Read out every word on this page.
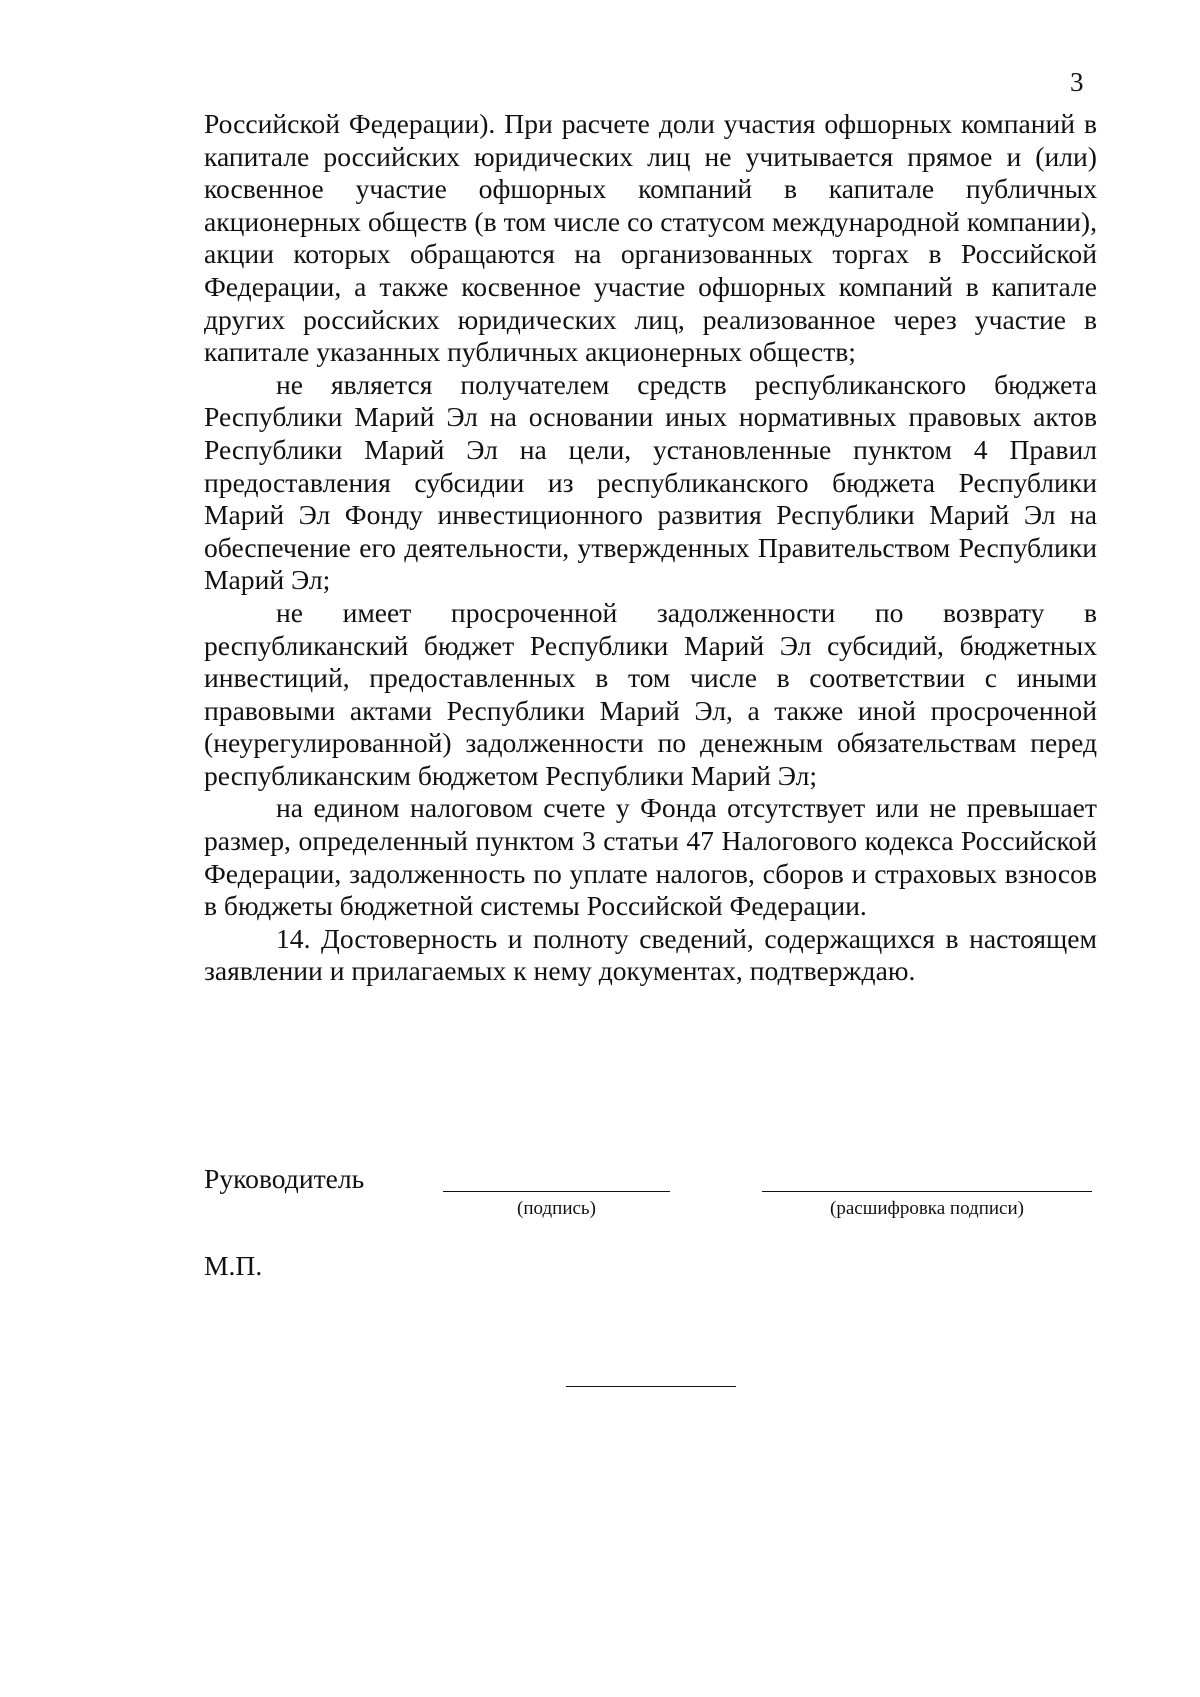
3

Российской Федерации). При расчете доли участия офшорных компаний в капитале российских юридических лиц не учитывается прямое и (или) косвенное участие офшорных компаний в капитале публичных акционерных обществ (в том числе со статусом международной компании), акции которых обращаются на организованных торгах в Российской Федерации, а также косвенное участие офшорных компаний в капитале других российских юридических лиц, реализованное через участие в капитале указанных публичных акционерных обществ;

не является получателем средств республиканского бюджета Республики Марий Эл на основании иных нормативных правовых актов Республики Марий Эл на цели, установленные пунктом 4 Правил предоставления субсидии из республиканского бюджета Республики Марий Эл Фонду инвестиционного развития Республики Марий Эл на обеспечение его деятельности, утвержденных Правительством Республики Марий Эл;

не имеет просроченной задолженности по возврату в республиканский бюджет Республики Марий Эл субсидий, бюджетных инвестиций, предоставленных в том числе в соответствии с иными правовыми актами Республики Марий Эл, а также иной просроченной (неурегулированной) задолженности по денежным обязательствам перед республиканским бюджетом Республики Марий Эл;

на едином налоговом счете у Фонда отсутствует или не превышает размер, определенный пунктом 3 статьи 47 Налогового кодекса Российской Федерации, задолженность по уплате налогов, сборов и страховых взносов в бюджеты бюджетной системы Российской Федерации.

14. Достоверность и полноту сведений, содержащихся в настоящем заявлении и прилагаемых к нему документах, подтверждаю.

Руководитель
(подпись)	(расшифровка подписи)
М.П.
